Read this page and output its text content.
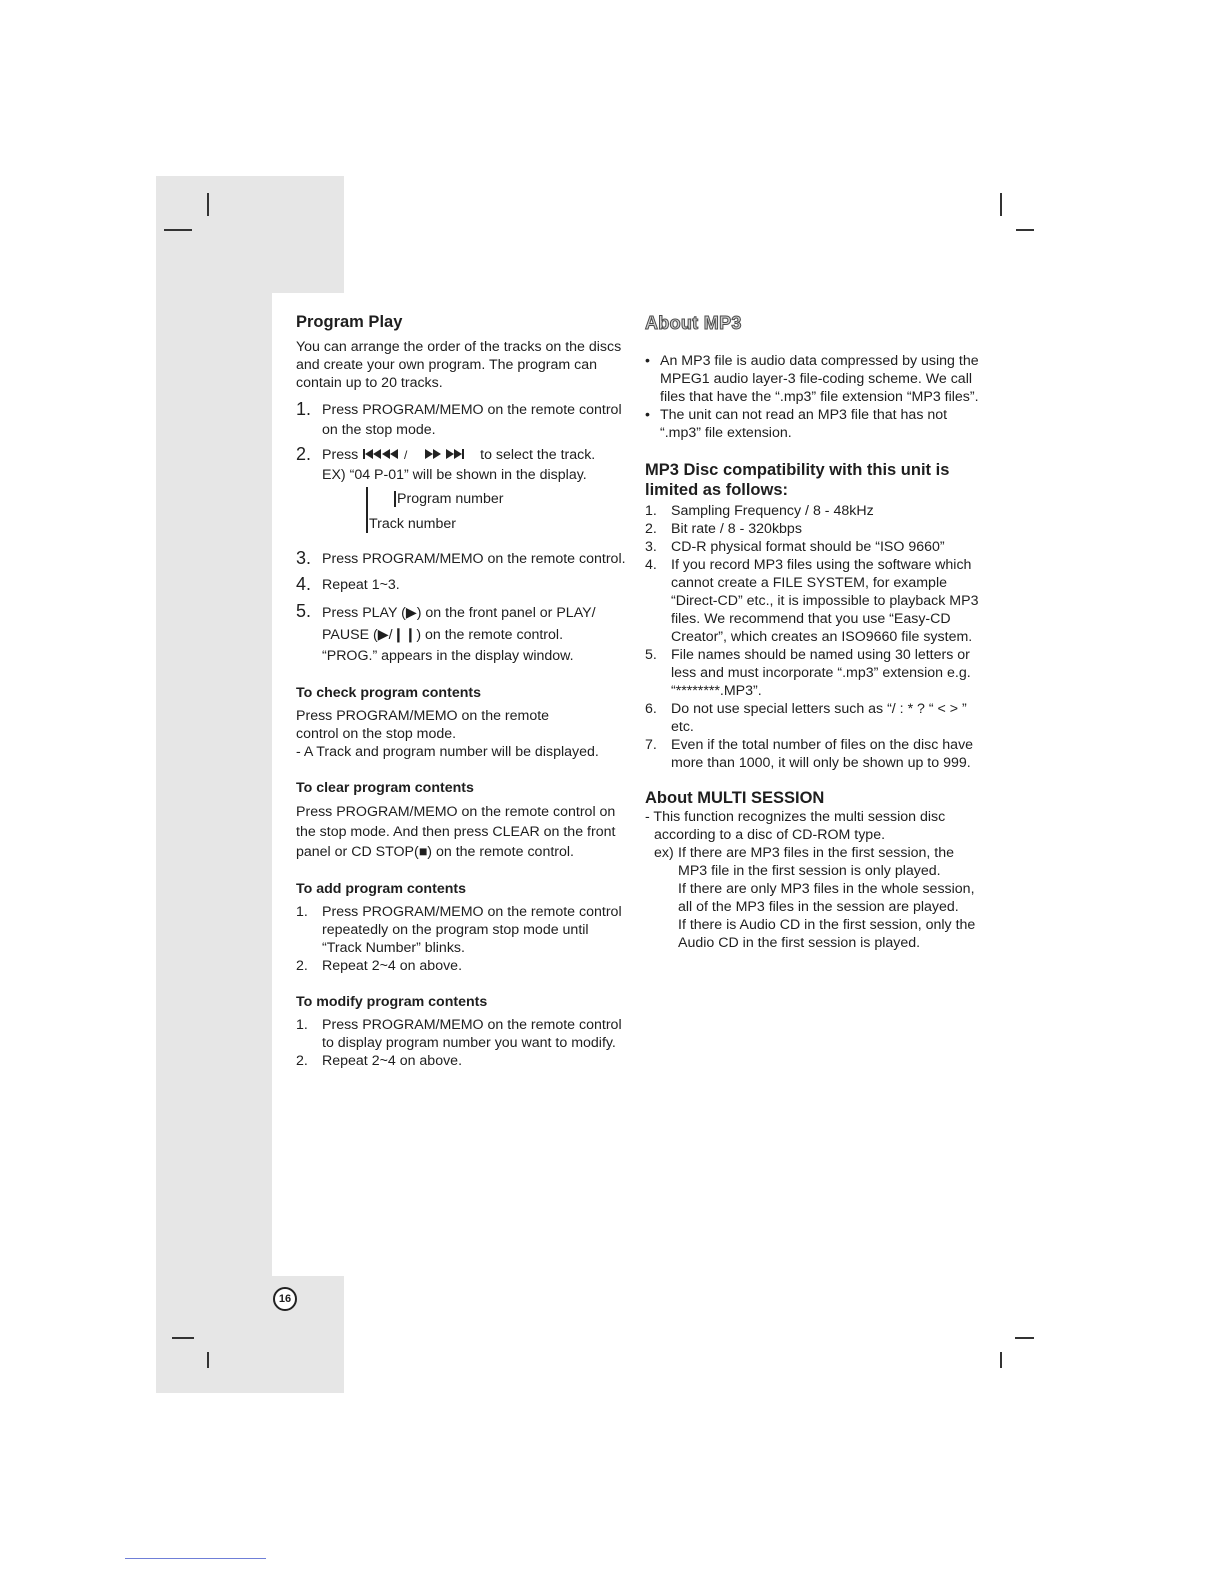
Program Play

You can arrange the order of the tracks on the discs and create your own program. The program can contain up to 20 tracks.

1. Press PROGRAM/MEMO on the remote control on the stop mode.
2. Press	/	to select the track.
EX) “04 P-01” will be shown in the display.
Program number
Track number
3. Press PROGRAM/MEMO on the remote control.
4. Repeat 1~3.
5. Press PLAY (▶) on the front panel or PLAY/ PAUSE (▶/❙❙) on the remote control.
“PROG.” appears in the display window.
To check program contents

Press PROGRAM/MEMO on the remote control on the stop mode.

- A Track and program number will be displayed.

To clear program contents

Press PROGRAM/MEMO on the remote control on the stop mode. And then press CLEAR on the front panel or CD STOP(■) on the remote control.

To add program contents
1. Press PROGRAM/MEMO on the remote control repeatedly on the program stop mode until “Track Number” blinks.
2. Repeat 2~4 on above.
To modify program contents
1. Press PROGRAM/MEMO on the remote control to display program number you want to modify.
2. Repeat 2~4 on above.
About MP3
• An MP3 file is audio data compressed by using the MPEG1 audio layer-3 file-coding scheme. We call files that have the “.mp3” file extension “MP3 files”.
• The unit can not read an MP3 file that has not “.mp3” file extension.
MP3 Disc compatibility with this unit is limited as follows:
1. Sampling Frequency / 8 - 48kHz
2. Bit rate / 8 - 320kbps
3. CD-R physical format should be “ISO 9660”
4. If you record MP3 files using the software which cannot create a FILE SYSTEM, for example “Direct-CD” etc., it is impossible to playback MP3 files. We recommend that you use “Easy-CD Creator”, which creates an ISO9660 file system.
5. File names should be named using 30 letters or less and must incorporate “.mp3” extension e.g. “********.MP3”.
6. Do not use special letters such as “/ : * ? “ < > ” etc.
7. Even if the total number of files on the disc have more than 1000, it will only be shown up to 999.
About MULTI SESSION

- This function recognizes the multi session disc according to a disc of CD-ROM type.

ex) If there are MP3 files in the first session, the MP3 file in the first session is only played.

If there are only MP3 files in the whole session, all of the MP3 files in the session are played.

If there is Audio CD in the first session, only the Audio CD in the first session is played.

16
